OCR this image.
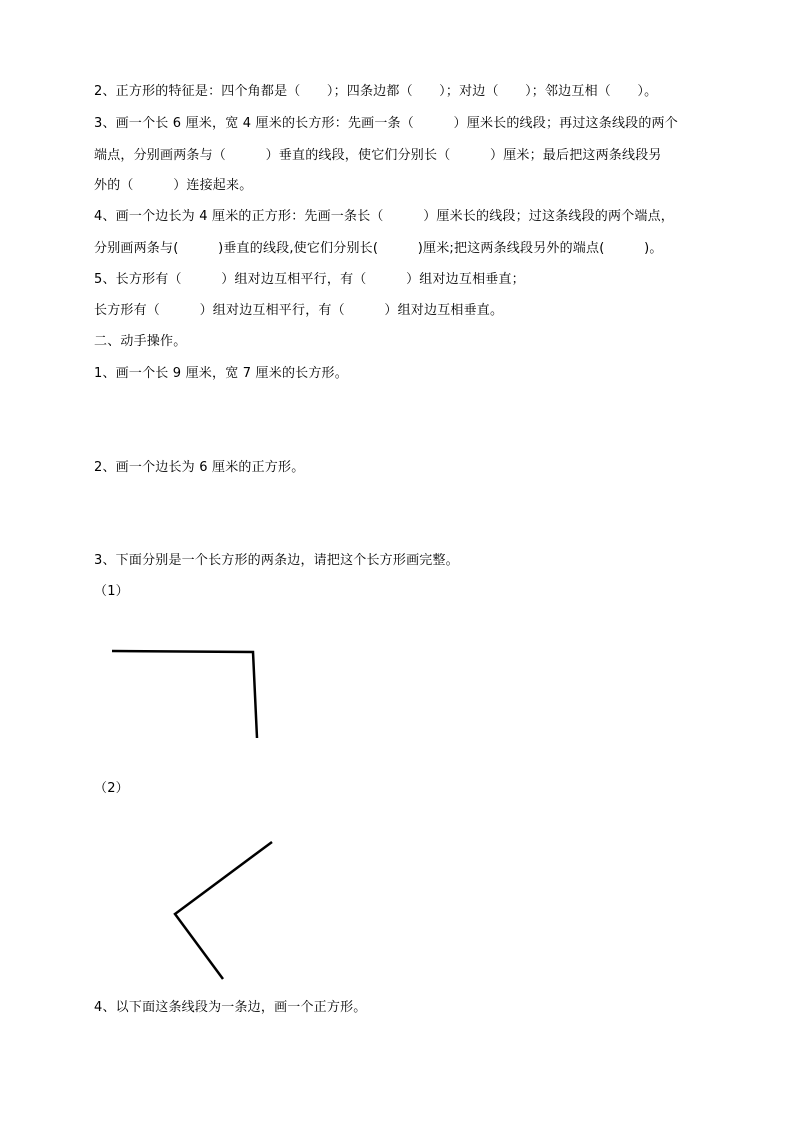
2、正方形的特征是：四个角都是（　　）；四条边都（　　）；对边（　　）；邻边互相（　　）。
3、画一个长 6 厘米，宽 4 厘米的长方形：先画一条（　　　）厘米长的线段；再过这条线段的两个
端点，分别画两条与（　　　）垂直的线段，使它们分别长（　　　）厘米；最后把这两条线段另
外的（　　　）连接起来。
4、画一个边长为 4 厘米的正方形：先画一条长（　　　）厘米长的线段；过这条线段的两个端点，
分别画两条与(　　　)垂直的线段,使它们分别长(　　　)厘米;把这两条线段另外的端点(　　　)。
5、长方形有（　　　）组对边互相平行，有（　　　）组对边互相垂直；
长方形有（　　　）组对边互相平行，有（　　　）组对边互相垂直。
二、动手操作。
1、画一个长 9 厘米，宽 7 厘米的长方形。
2、画一个边长为 6 厘米的正方形。
3、下面分别是一个长方形的两条边，请把这个长方形画完整。
（1）
（2）
4、以下面这条线段为一条边，画一个正方形。
